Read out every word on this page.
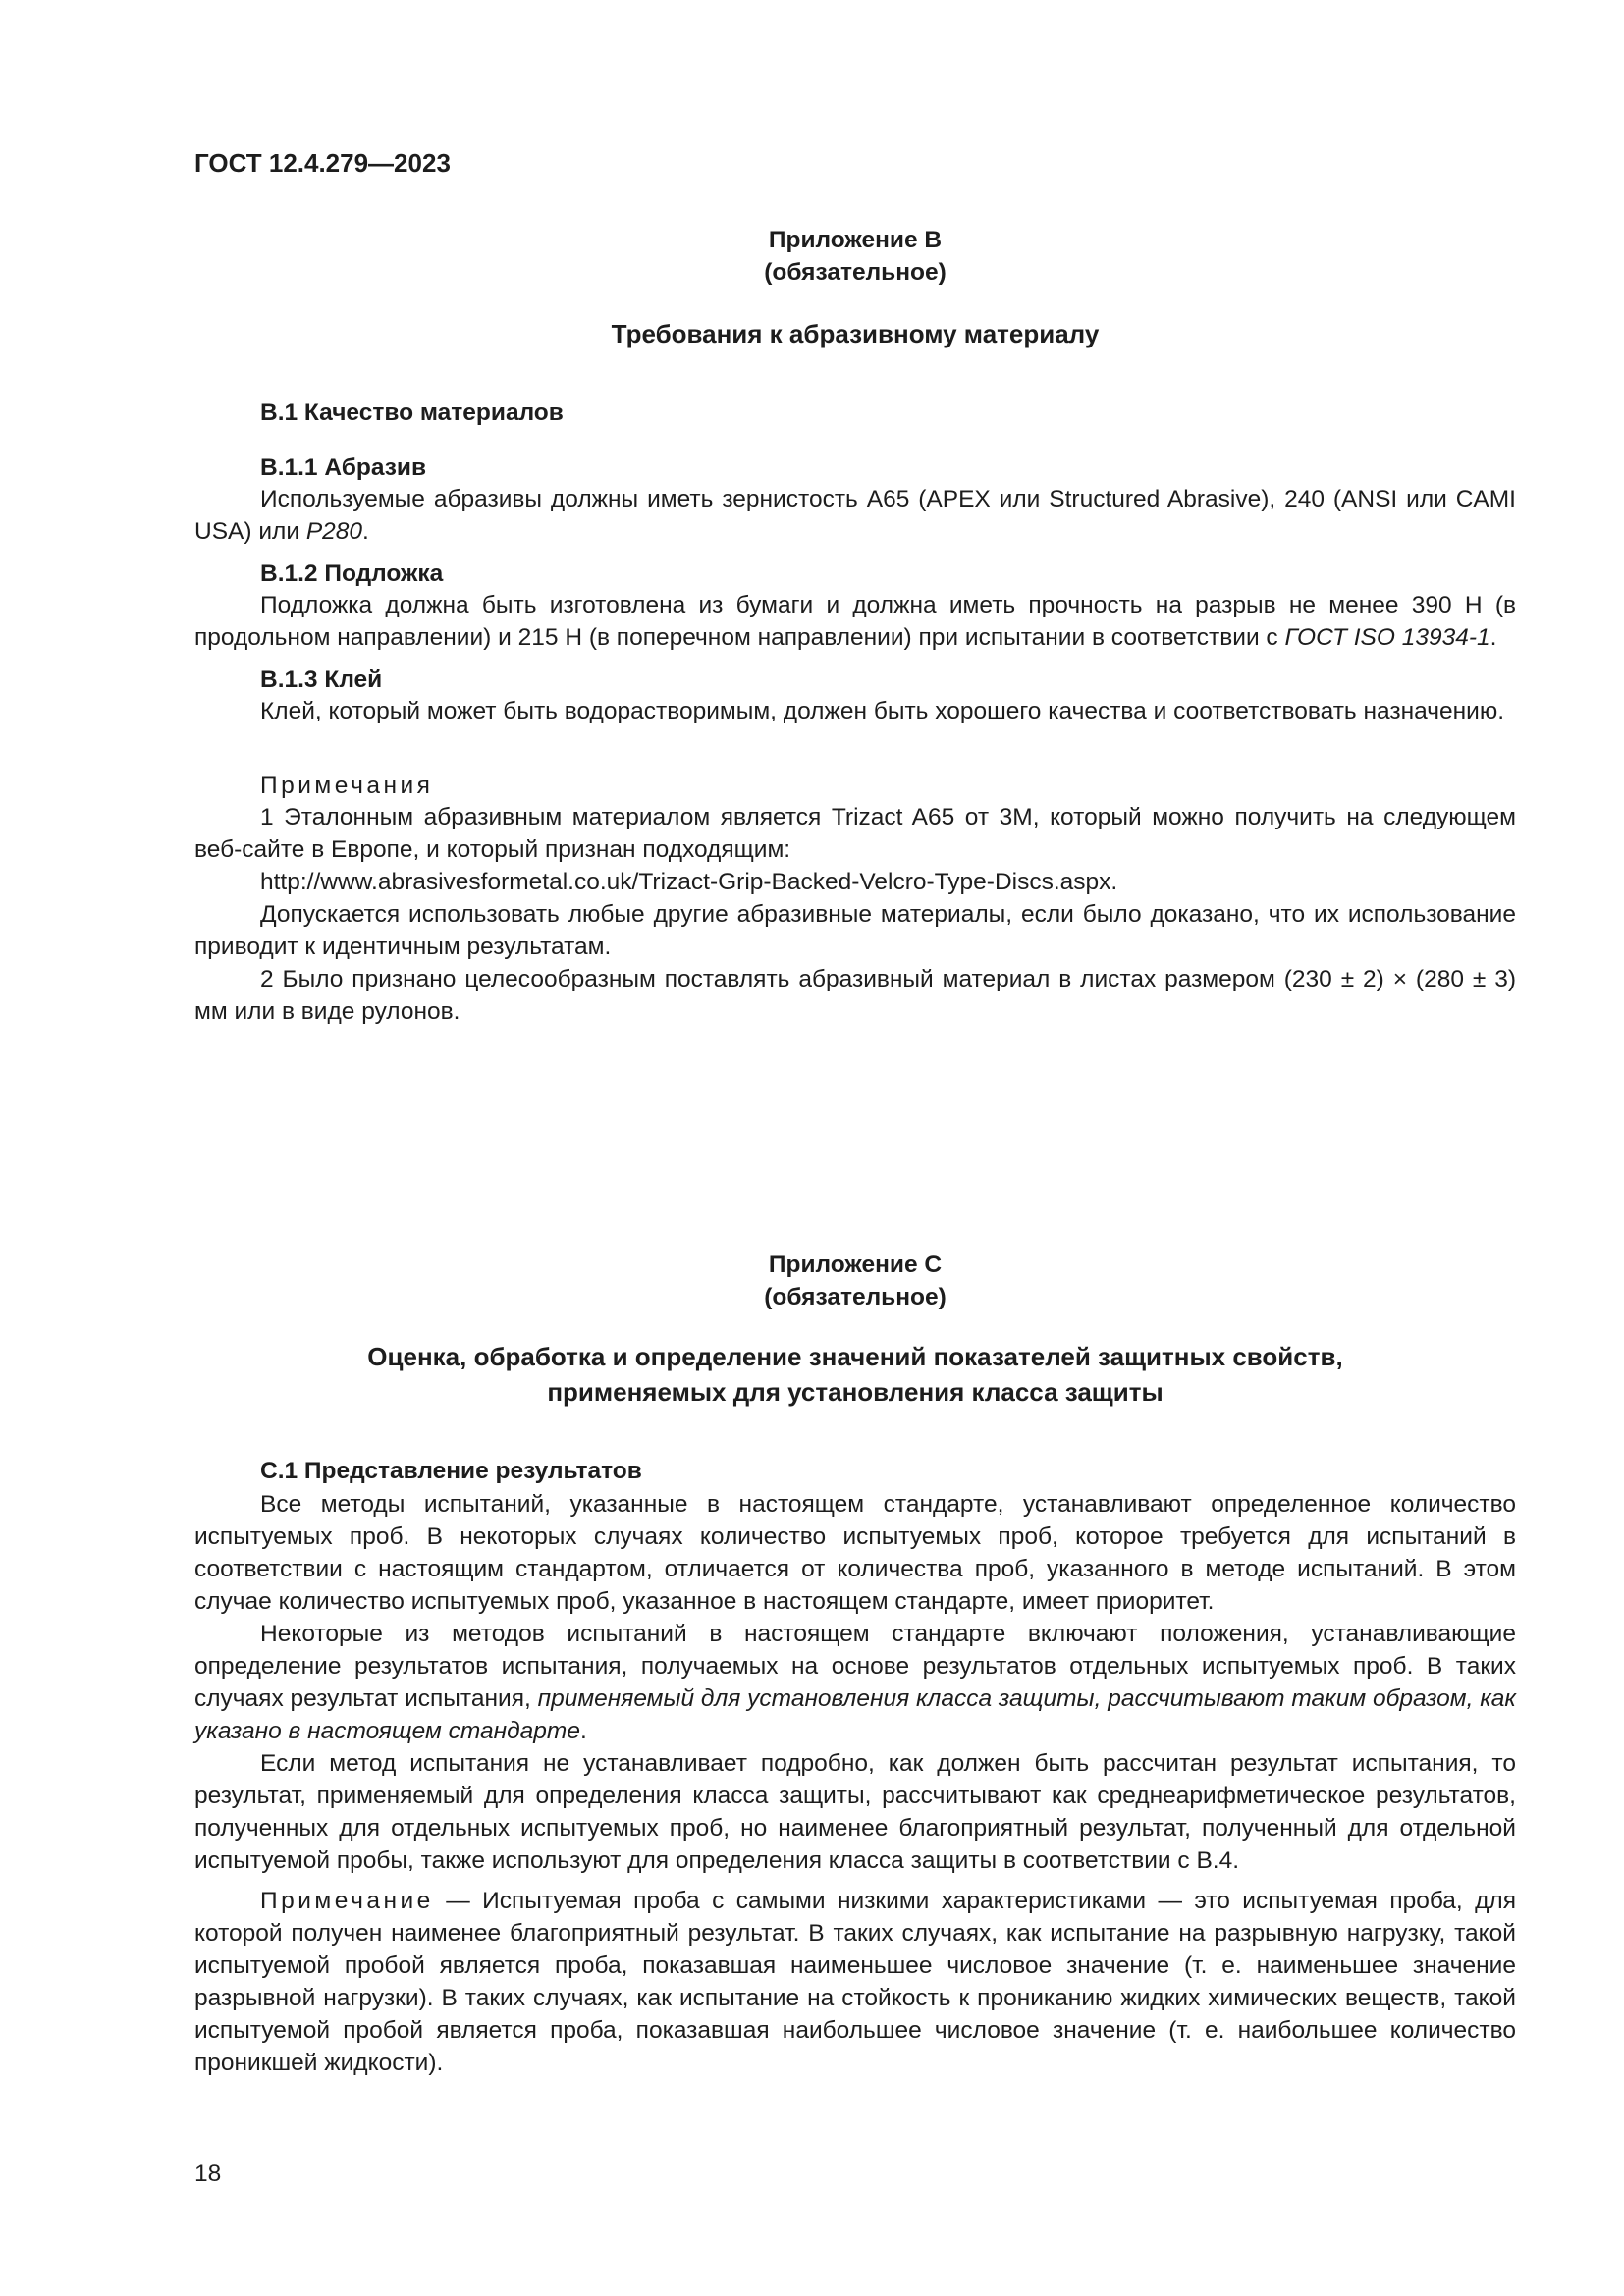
ГОСТ 12.4.279—2023
Приложение В
(обязательное)
Требования к абразивному материалу
В.1 Качество материалов
В.1.1 Абразив

Используемые абразивы должны иметь зернистость А65 (APEX или Structured Abrasive), 240 (ANSI или CAMI USA) или Р280.

В.1.2 Подложка

Подложка должна быть изготовлена из бумаги и должна иметь прочность на разрыв не менее 390 Н (в продольном направлении) и 215 Н (в поперечном направлении) при испытании в соответствии с ГОСТ ISO 13934-1.

В.1.3 Клей

Клей, который может быть водорастворимым, должен быть хорошего качества и соответствовать назначению.

Примечания

1 Эталонным абразивным материалом является Trizact A65 от 3M, который можно получить на следующем веб-сайте в Европе, и который признан подходящим:

http://www.abrasivesformetal.co.uk/Trizact-Grip-Backed-Velcro-Type-Discs.aspx.

Допускается использовать любые другие абразивные материалы, если было доказано, что их использование приводит к идентичным результатам.

2 Было признано целесообразным поставлять абразивный материал в листах размером (230 ± 2) × (280 ± 3) мм или в виде рулонов.

Приложение С
(обязательное)
Оценка, обработка и определение значений показателей защитных свойств,
применяемых для установления класса защиты
С.1 Представление результатов

Все методы испытаний, указанные в настоящем стандарте, устанавливают определенное количество испытуемых проб. В некоторых случаях количество испытуемых проб, которое требуется для испытаний в соответствии с настоящим стандартом, отличается от количества проб, указанного в методе испытаний. В этом случае количество испытуемых проб, указанное в настоящем стандарте, имеет приоритет.

Некоторые из методов испытаний в настоящем стандарте включают положения, устанавливающие определение результатов испытания, получаемых на основе результатов отдельных испытуемых проб. В таких случаях результат испытания, применяемый для установления класса защиты, рассчитывают таким образом, как указано в настоящем стандарте.

Если метод испытания не устанавливает подробно, как должен быть рассчитан результат испытания, то результат, применяемый для определения класса защиты, рассчитывают как среднеарифметическое результатов, полученных для отдельных испытуемых проб, но наименее благоприятный результат, полученный для отдельной испытуемой пробы, также используют для определения класса защиты в соответствии с В.4.

Примечание — Испытуемая проба с самыми низкими характеристиками — это испытуемая проба, для которой получен наименее благоприятный результат. В таких случаях, как испытание на разрывную нагрузку, такой испытуемой пробой является проба, показавшая наименьшее числовое значение (т. е. наименьшее значение разрывной нагрузки). В таких случаях, как испытание на стойкость к прониканию жидких химических веществ, такой испытуемой пробой является проба, показавшая наибольшее числовое значение (т. е. наибольшее количество проникшей жидкости).

18
